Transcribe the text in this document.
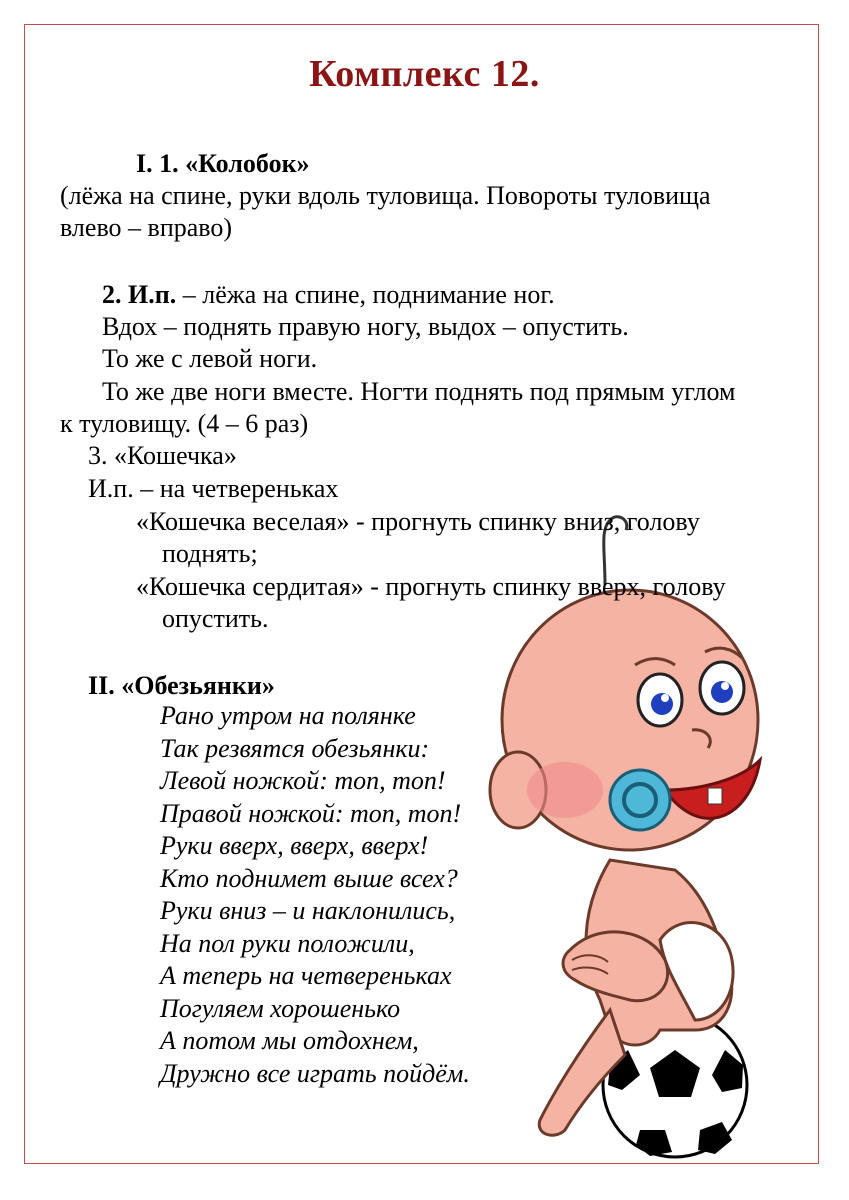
Комплекс 12.
I. 1. «Колобок»
(лёжа на спине, руки вдоль туловища. Повороты туловища
влево – вправо)
2. И.п. – лёжа на спине, поднимание ног.
Вдох – поднять правую ногу, выдох – опустить.
То же с левой ноги.
То же две ноги вместе. Ногти поднять под прямым углом
к туловищу. (4 – 6 раз)
3. «Кошечка»
И.п. – на четвереньках
«Кошечка веселая» - прогнуть спинку вниз, голову
поднять;
«Кошечка сердитая» - прогнуть спинку вверх, голову
опустить.
II. «Обезьянки»
Рано утром на полянке
Так резвятся обезьянки:
Левой ножкой: топ, топ!
Правой ножкой: топ, топ!
Руки вверх, вверх, вверх!
Кто поднимет выше всех?
Руки вниз – и наклонились,
На пол руки положили,
А теперь на четвереньках
Погуляем хорошенько
А потом мы отдохнем,
Дружно все играть пойдём.
